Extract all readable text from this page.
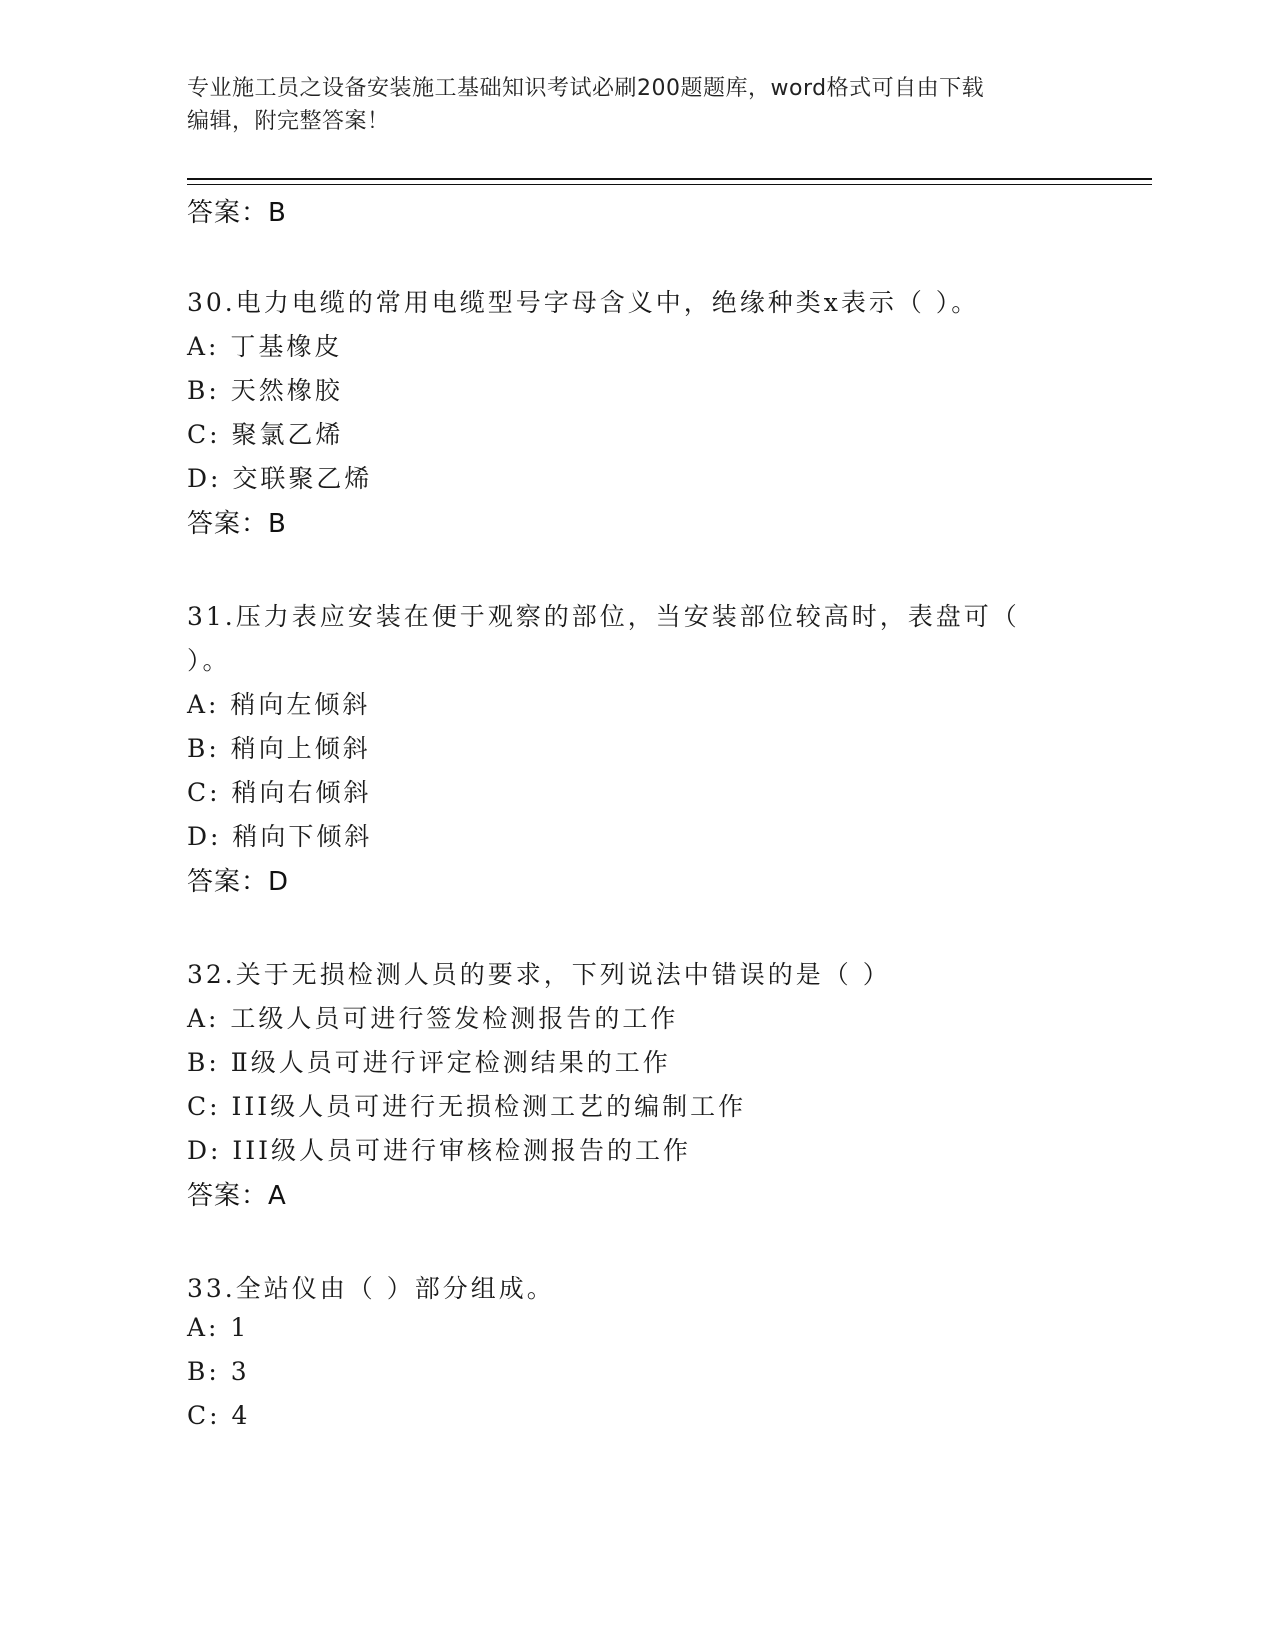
专业施工员之设备安装施工基础知识考试必刷200题题库，word格式可自由下载
编辑，附完整答案！
答案：B
30.电力电缆的常用电缆型号字母含义中，绝缘种类x表示（ ）。
A: 丁基橡皮
B: 天然橡胶
C: 聚氯乙烯
D: 交联聚乙烯
答案：B
31.压力表应安装在便于观察的部位，当安装部位较高时，表盘可（
）。
A: 稍向左倾斜
B: 稍向上倾斜
C: 稍向右倾斜
D: 稍向下倾斜
答案：D
32.关于无损检测人员的要求，下列说法中错误的是（ ）
A: 工级人员可进行签发检测报告的工作
B: Ⅱ级人员可进行评定检测结果的工作
C: III级人员可进行无损检测工艺的编制工作
D: III级人员可进行审核检测报告的工作
答案：A
33.全站仪由（ ）部分组成。
A: 1
B: 3
C: 4
